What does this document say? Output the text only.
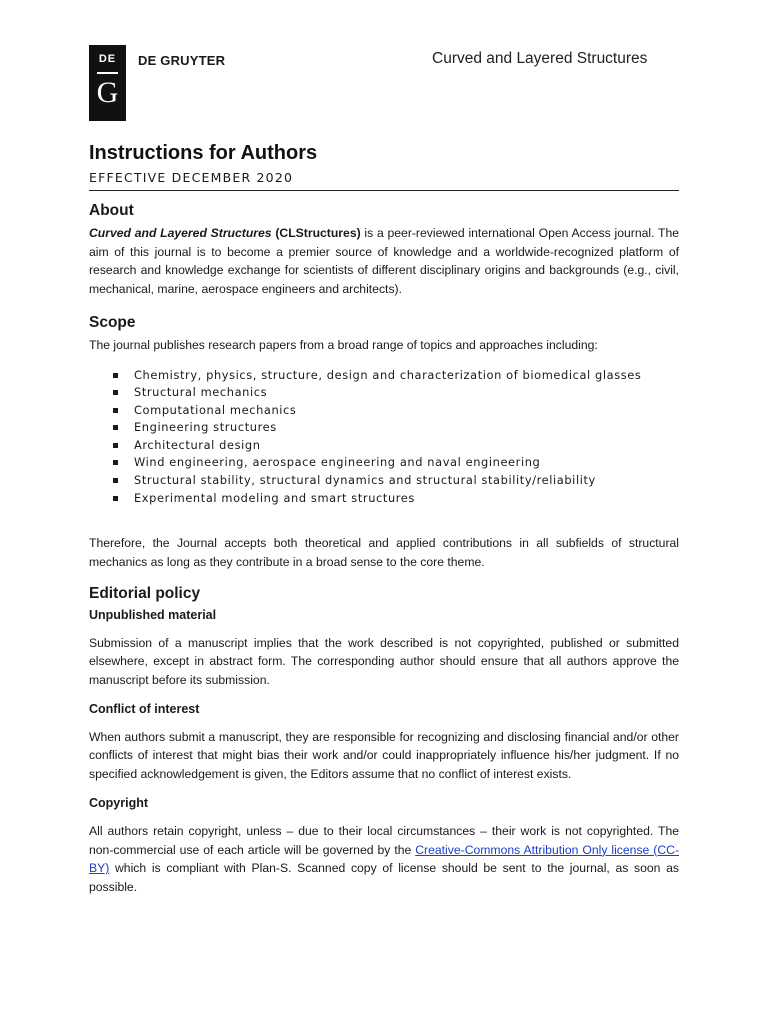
DE
G
DE GRUYTER	Curved and Layered Structures
Instructions for Authors
EFFECTIVE DECEMBER 2020
About

Curved and Layered Structures (CLStructures) is a peer-reviewed international Open Access journal. The aim of this journal is to become a premier source of knowledge and a worldwide-recognized platform of research and knowledge exchange for scientists of different disciplinary origins and backgrounds (e.g., civil, mechanical, marine, aerospace engineers and architects).

Scope

The journal publishes research papers from a broad range of topics and approaches including:

Chemistry, physics, structure, design and characterization of biomedical glasses
Structural mechanics
Computational mechanics
Engineering structures
Architectural design
Wind engineering, aerospace engineering and naval engineering
Structural stability, structural dynamics and structural stability/reliability
Experimental modeling and smart structures

Therefore, the Journal accepts both theoretical and applied contributions in all subfields of structural mechanics as long as they contribute in a broad sense to the core theme.

Editorial policy
Unpublished material

Submission of a manuscript implies that the work described is not copyrighted, published or submitted elsewhere, except in abstract form. The corresponding author should ensure that all authors approve the manuscript before its submission.

Conflict of interest

When authors submit a manuscript, they are responsible for recognizing and disclosing financial and/or other conflicts of interest that might bias their work and/or could inappropriately influence his/her judgment. If no specified acknowledgement is given, the Editors assume that no conflict of interest exists.

Copyright

All authors retain copyright, unless – due to their local circumstances – their work is not copyrighted. The non-commercial use of each article will be governed by the Creative-Commons Attribution Only license (CC-BY) which is compliant with Plan-S. Scanned copy of license should be sent to the journal, as soon as possible.
